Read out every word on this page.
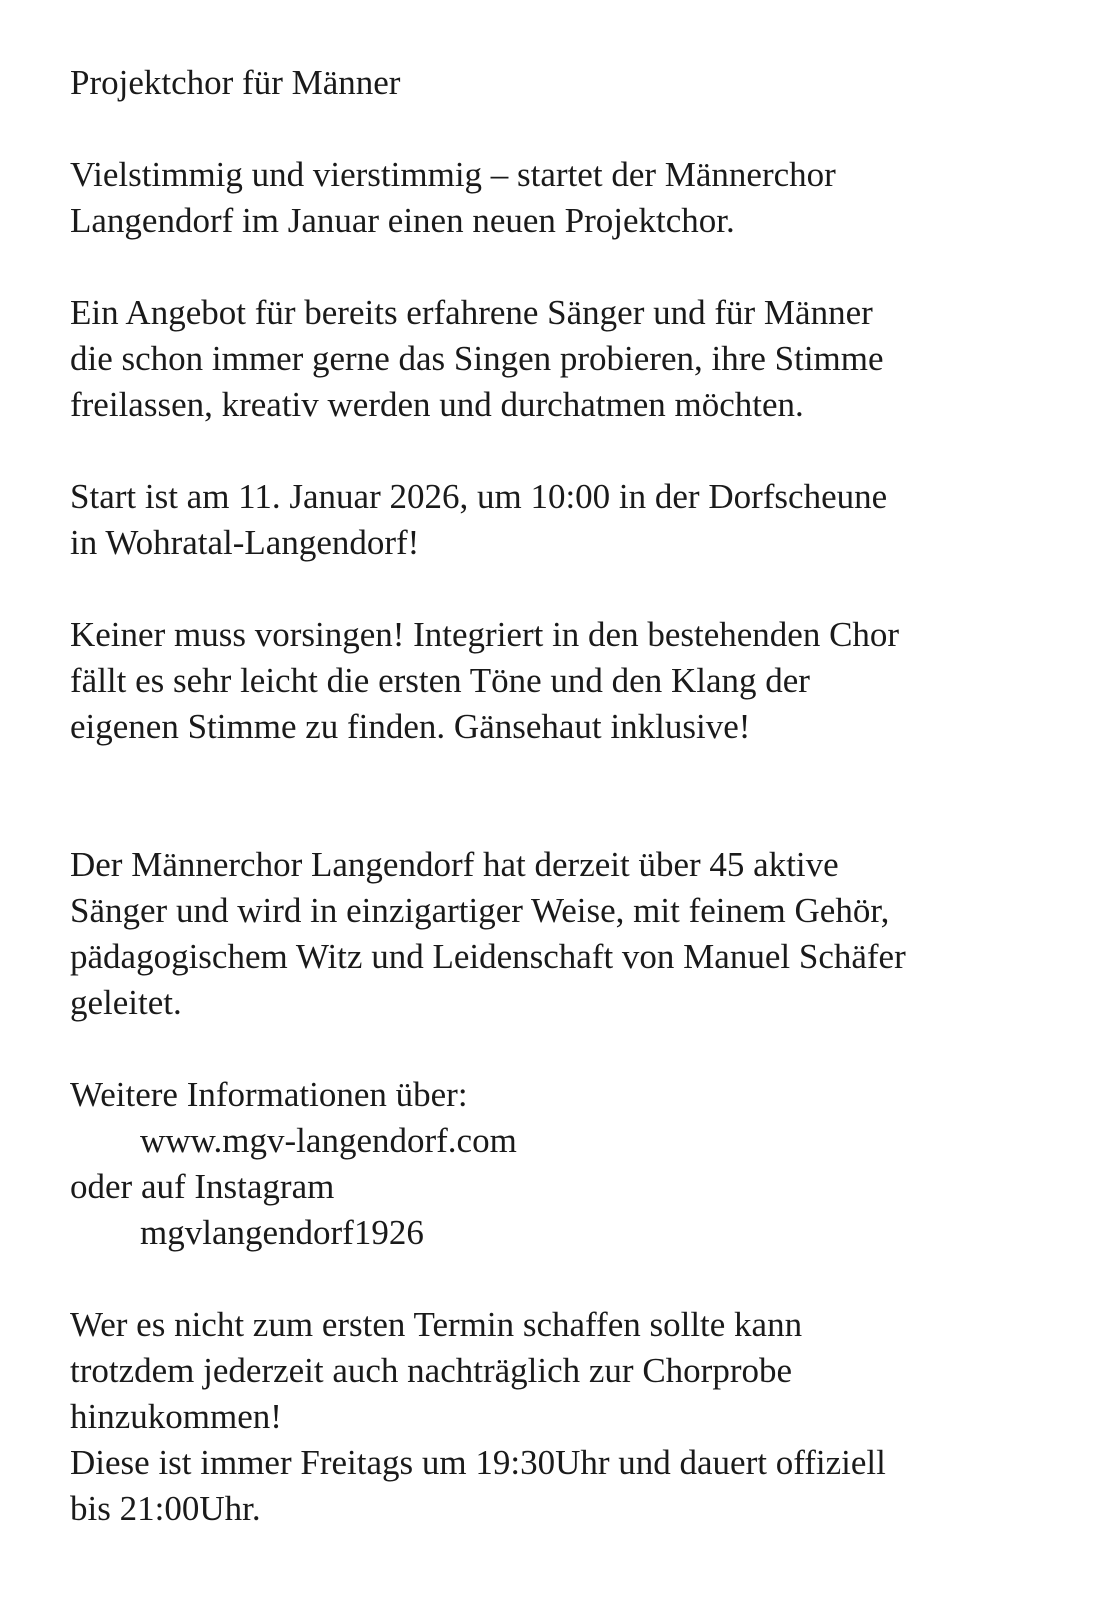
Projektchor für Männer
Vielstimmig und vierstimmig – startet der Männerchor
Langendorf im Januar einen neuen Projektchor.
Ein Angebot für bereits erfahrene Sänger und für Männer
die schon immer gerne das Singen probieren, ihre Stimme
freilassen, kreativ werden und durchatmen möchten.
Start ist am 11. Januar 2026, um 10:00 in der Dorfscheune
in Wohratal-Langendorf!
Keiner muss vorsingen! Integriert in den bestehenden Chor
fällt es sehr leicht die ersten Töne und den Klang der
eigenen Stimme zu finden. Gänsehaut inklusive!
Der Männerchor Langendorf hat derzeit über 45 aktive
Sänger und wird in einzigartiger Weise, mit feinem Gehör,
pädagogischem Witz und Leidenschaft von Manuel Schäfer
geleitet.
Weitere Informationen über:
www.mgv-langendorf.com
oder auf Instagram
mgvlangendorf1926
Wer es nicht zum ersten Termin schaffen sollte kann
trotzdem jederzeit auch nachträglich zur Chorprobe
hinzukommen!
Diese ist immer Freitags um 19:30Uhr und dauert offiziell
bis 21:00Uhr.
